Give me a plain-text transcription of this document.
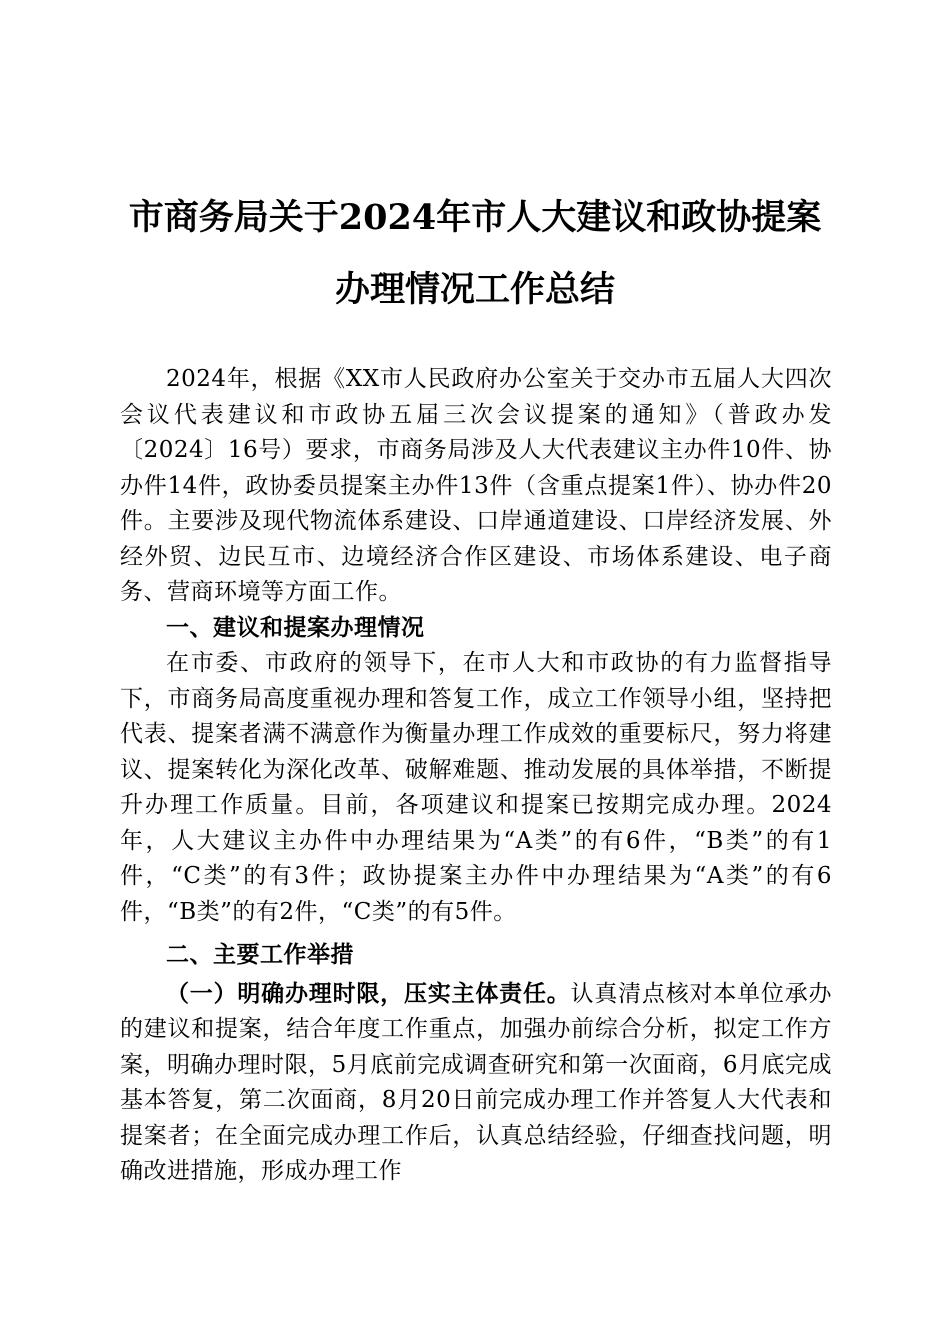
市商务局关于2024年市人大建议和政协提案
办理情况工作总结

2024年，根据《XX市人民政府办公室关于交办市五届人大四次会议代表建议和市政协五届三次会议提案的通知》（普政办发〔2024〕16号）要求，市商务局涉及人大代表建议主办件10件、协办件14件，政协委员提案主办件13件（含重点提案1件）、协办件20件。主要涉及现代物流体系建设、口岸通道建设、口岸经济发展、外经外贸、边民互市、边境经济合作区建设、市场体系建设、电子商务、营商环境等方面工作。

一、建议和提案办理情况

在市委、市政府的领导下，在市人大和市政协的有力监督指导下，市商务局高度重视办理和答复工作，成立工作领导小组，坚持把代表、提案者满不满意作为衡量办理工作成效的重要标尺，努力将建议、提案转化为深化改革、破解难题、推动发展的具体举措，不断提升办理工作质量。目前，各项建议和提案已按期完成办理。2024年，人大建议主办件中办理结果为“A类”的有6件，“B类”的有1件，“C类”的有3件；政协提案主办件中办理结果为“A类”的有6件，“B类”的有2件，“C类”的有5件。

二、主要工作举措

（一）明确办理时限，压实主体责任。认真清点核对本单位承办的建议和提案，结合年度工作重点，加强办前综合分析，拟定工作方案，明确办理时限，5月底前完成调查研究和第一次面商，6月底完成基本答复，第二次面商，8月20日前完成办理工作并答复人大代表和提案者；在全面完成办理工作后，认真总结经验，仔细查找问题，明确改进措施，形成办理工作
